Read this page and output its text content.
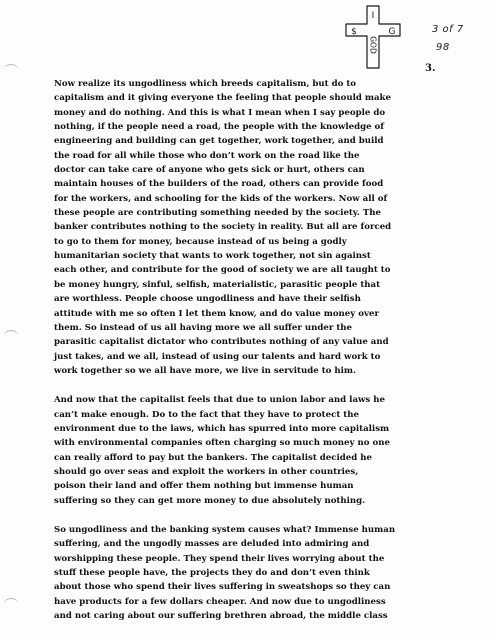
I
$	G
GOD
3 of 7
98
3.

Now realize its ungodliness which breeds capitalism, but do to
capitalism and it giving everyone the feeling that people should make
money and do nothing. And this is what I mean when I say people do
nothing, if the people need a road, the people with the knowledge of
engineering and building can get together, work together, and build
the road for all while those who don’t work on the road like the
doctor can take care of anyone who gets sick or hurt, others can
maintain houses of the builders of the road, others can provide food
for the workers, and schooling for the kids of the workers. Now all of
these people are contributing something needed by the society. The
banker contributes nothing to the society in reality. But all are forced
to go to them for money, because instead of us being a godly
humanitarian society that wants to work together, not sin against
each other, and contribute for the good of society we are all taught to
be money hungry, sinful, selfish, materialistic, parasitic people that
are worthless. People choose ungodliness and have their selfish
attitude with me so often I let them know, and do value money over
them. So instead of us all having more we all suffer under the
parasitic capitalist dictator who contributes nothing of any value and
just takes, and we all, instead of using our talents and hard work to
work together so we all have more, we live in servitude to him.

And now that the capitalist feels that due to union labor and laws he
can’t make enough. Do to the fact that they have to protect the
environment due to the laws, which has spurred into more capitalism
with environmental companies often charging so much money no one
can really afford to pay but the bankers. The capitalist decided he
should go over seas and exploit the workers in other countries,
poison their land and offer them nothing but immense human
suffering so they can get more money to due absolutely nothing.

So ungodliness and the banking system causes what? Immense human
suffering, and the ungodly masses are deluded into admiring and
worshipping these people. They spend their lives worrying about the
stuff these people have, the projects they do and don’t even think
about those who spend their lives suffering in sweatshops so they can
have products for a few dollars cheaper. And now due to ungodliness
and not caring about our suffering brethren abroad, the middle class
